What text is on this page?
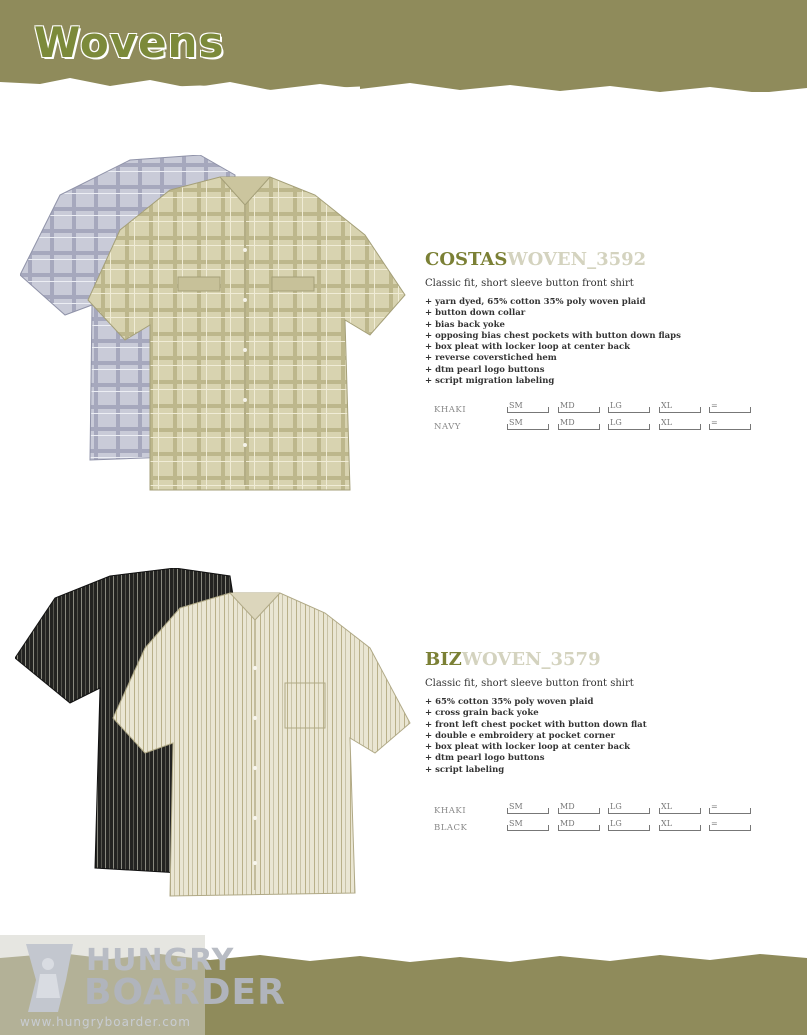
Wovens
COSTASWOVEN_3592
Classic fit, short sleeve button front shirt
+ yarn dyed, 65% cotton 35% poly woven plaid
+ button down collar
+ bias back yoke
+ opposing bias chest pockets with button down flaps
+ box pleat with locker loop at center back
+ reverse coverstiched hem
+ dtm pearl logo buttons
+ script migration labeling
KHAKI	SM	MD	LG	XL	=
NAVY	SM	MD	LG	XL	=
BIZWOVEN_3579
Classic fit, short sleeve button front shirt
+ 65% cotton 35% poly woven plaid
+ cross grain back yoke
+ front left chest pocket with button down flat
+ double e embroidery at pocket corner
+ box pleat with locker loop at center back
+ dtm pearl logo buttons
+ script labeling
KHAKI	SM	MD	LG	XL	=
BLACK	SM	MD	LG	XL	=
HUNGRY
BOARDER
www.hungryboarder.com
